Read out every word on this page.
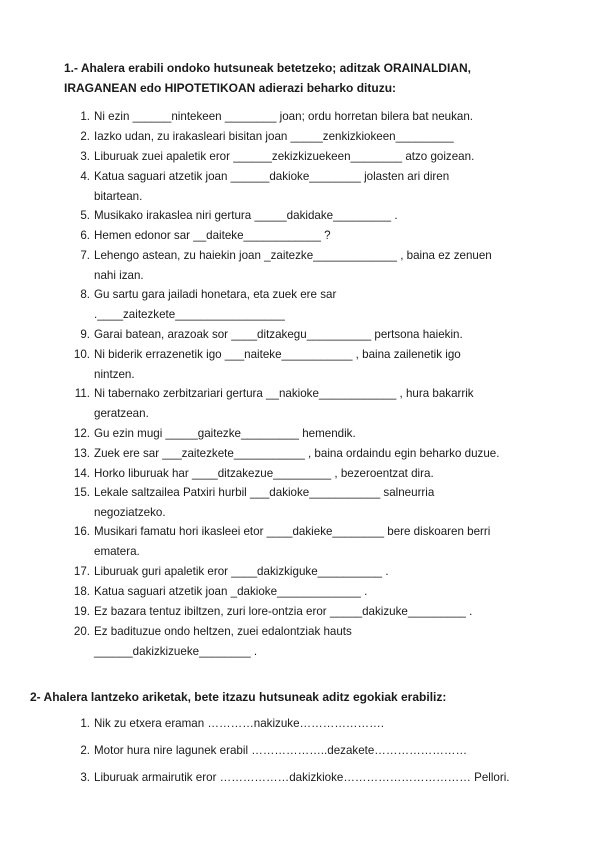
1.- Ahalera erabili ondoko hutsuneak betetzeko; aditzak ORAINALDIAN,
IRAGANEAN edo HIPOTETIKOAN adierazi beharko dituzu:
1. Ni ezin ______nintekeen ________ joan; ordu horretan bilera bat neukan.
2. Iazko udan, zu irakasleari bisitan joan _____zenkizkiokeen_________
3. Liburuak zuei apaletik eror ______zekizkizuekeen________ atzo goizean.
4. Katua saguari atzetik joan ______dakioke________ jolasten ari diren
bitartean.
5. Musikako irakaslea niri gertura _____dakidake_________ .
6. Hemen edonor sar __daiteke____________ ?
7. Lehengo astean, zu haiekin joan _zaitezke_____________ , baina ez zenuen
nahi izan.
8. Gu sartu gara jailadi honetara, eta zuek ere sar
.____zaitezkete_________________
9. Garai batean, arazoak sor ____ditzakegu__________ pertsona haiekin.
10. Ni biderik errazenetik igo ___naiteke___________ , baina zailenetik igo
nintzen.
11. Ni tabernako zerbitzariari gertura __nakioke____________ , hura bakarrik
geratzean.
12. Gu ezin mugi _____gaitezke_________ hemendik.
13. Zuek ere sar ___zaitezkete___________ , baina ordaindu egin beharko duzue.
14. Horko liburuak har ____ditzakezue_________ , bezeroentzat dira.
15. Lekale saltzailea Patxiri hurbil ___dakioke___________ salneurria
negoziatzeko.
16. Musikari famatu hori ikasleei etor ____dakieke________ bere diskoaren berri
ematera.
17. Liburuak guri apaletik eror ____dakizkiguke__________ .
18. Katua saguari atzetik joan _dakioke_____________ .
19. Ez bazara tentuz ibiltzen, zuri lore-ontzia eror _____dakizuke_________ .
20. Ez badituzue ondo heltzen, zuei edalontziak hauts
______dakizkizueke________ .
2- Ahalera lantzeko ariketak, bete itzazu hutsuneak aditz egokiak erabiliz:
1. Nik zu etxera eraman …………nakizuke………………….
2. Motor hura nire lagunek erabil ………………..dezakete……………………
3. Liburuak armairutik eror ………………dakizkioke…………………………… Pellori.
